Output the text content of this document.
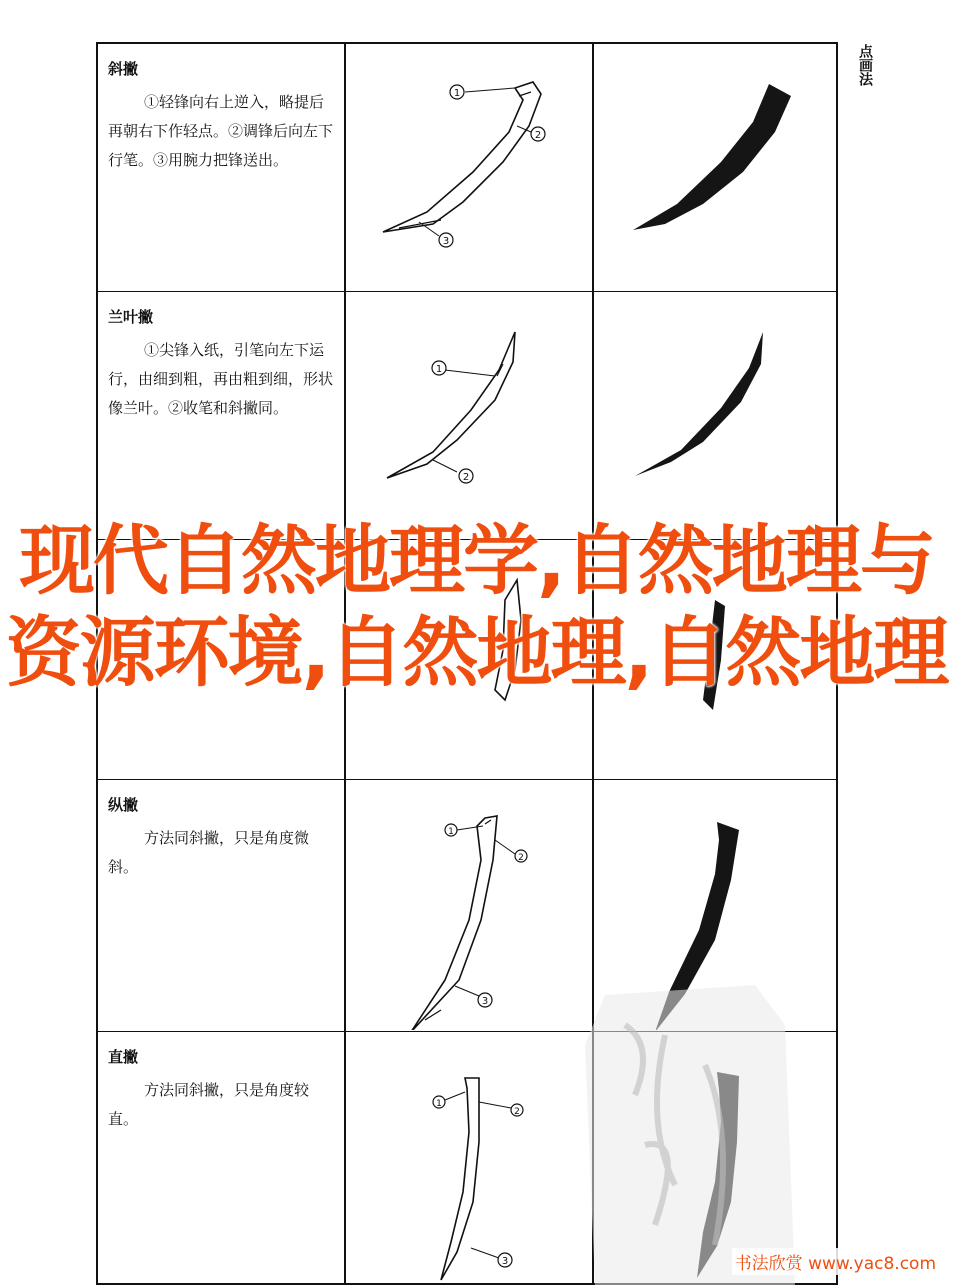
点画法
斜撇

①轻锋向右上逆入，略提后再朝右下作轻点。②调锋后向左下行笔。③用腕力把锋送出。

1
2
3
兰叶撇

①尖锋入纸，引笔向左下运行，由细到粗，再由粗到细，形状像兰叶。②收笔和斜撇同。

1
2
纵撇

方法同斜撇，只是角度微斜。

1
2
3
直撇

方法同斜撇，只是角度较直。

1
2
3
现代自然地理学,自然地理与资源环境,自然地理,自然地理
书法欣赏 www.yac8.com
